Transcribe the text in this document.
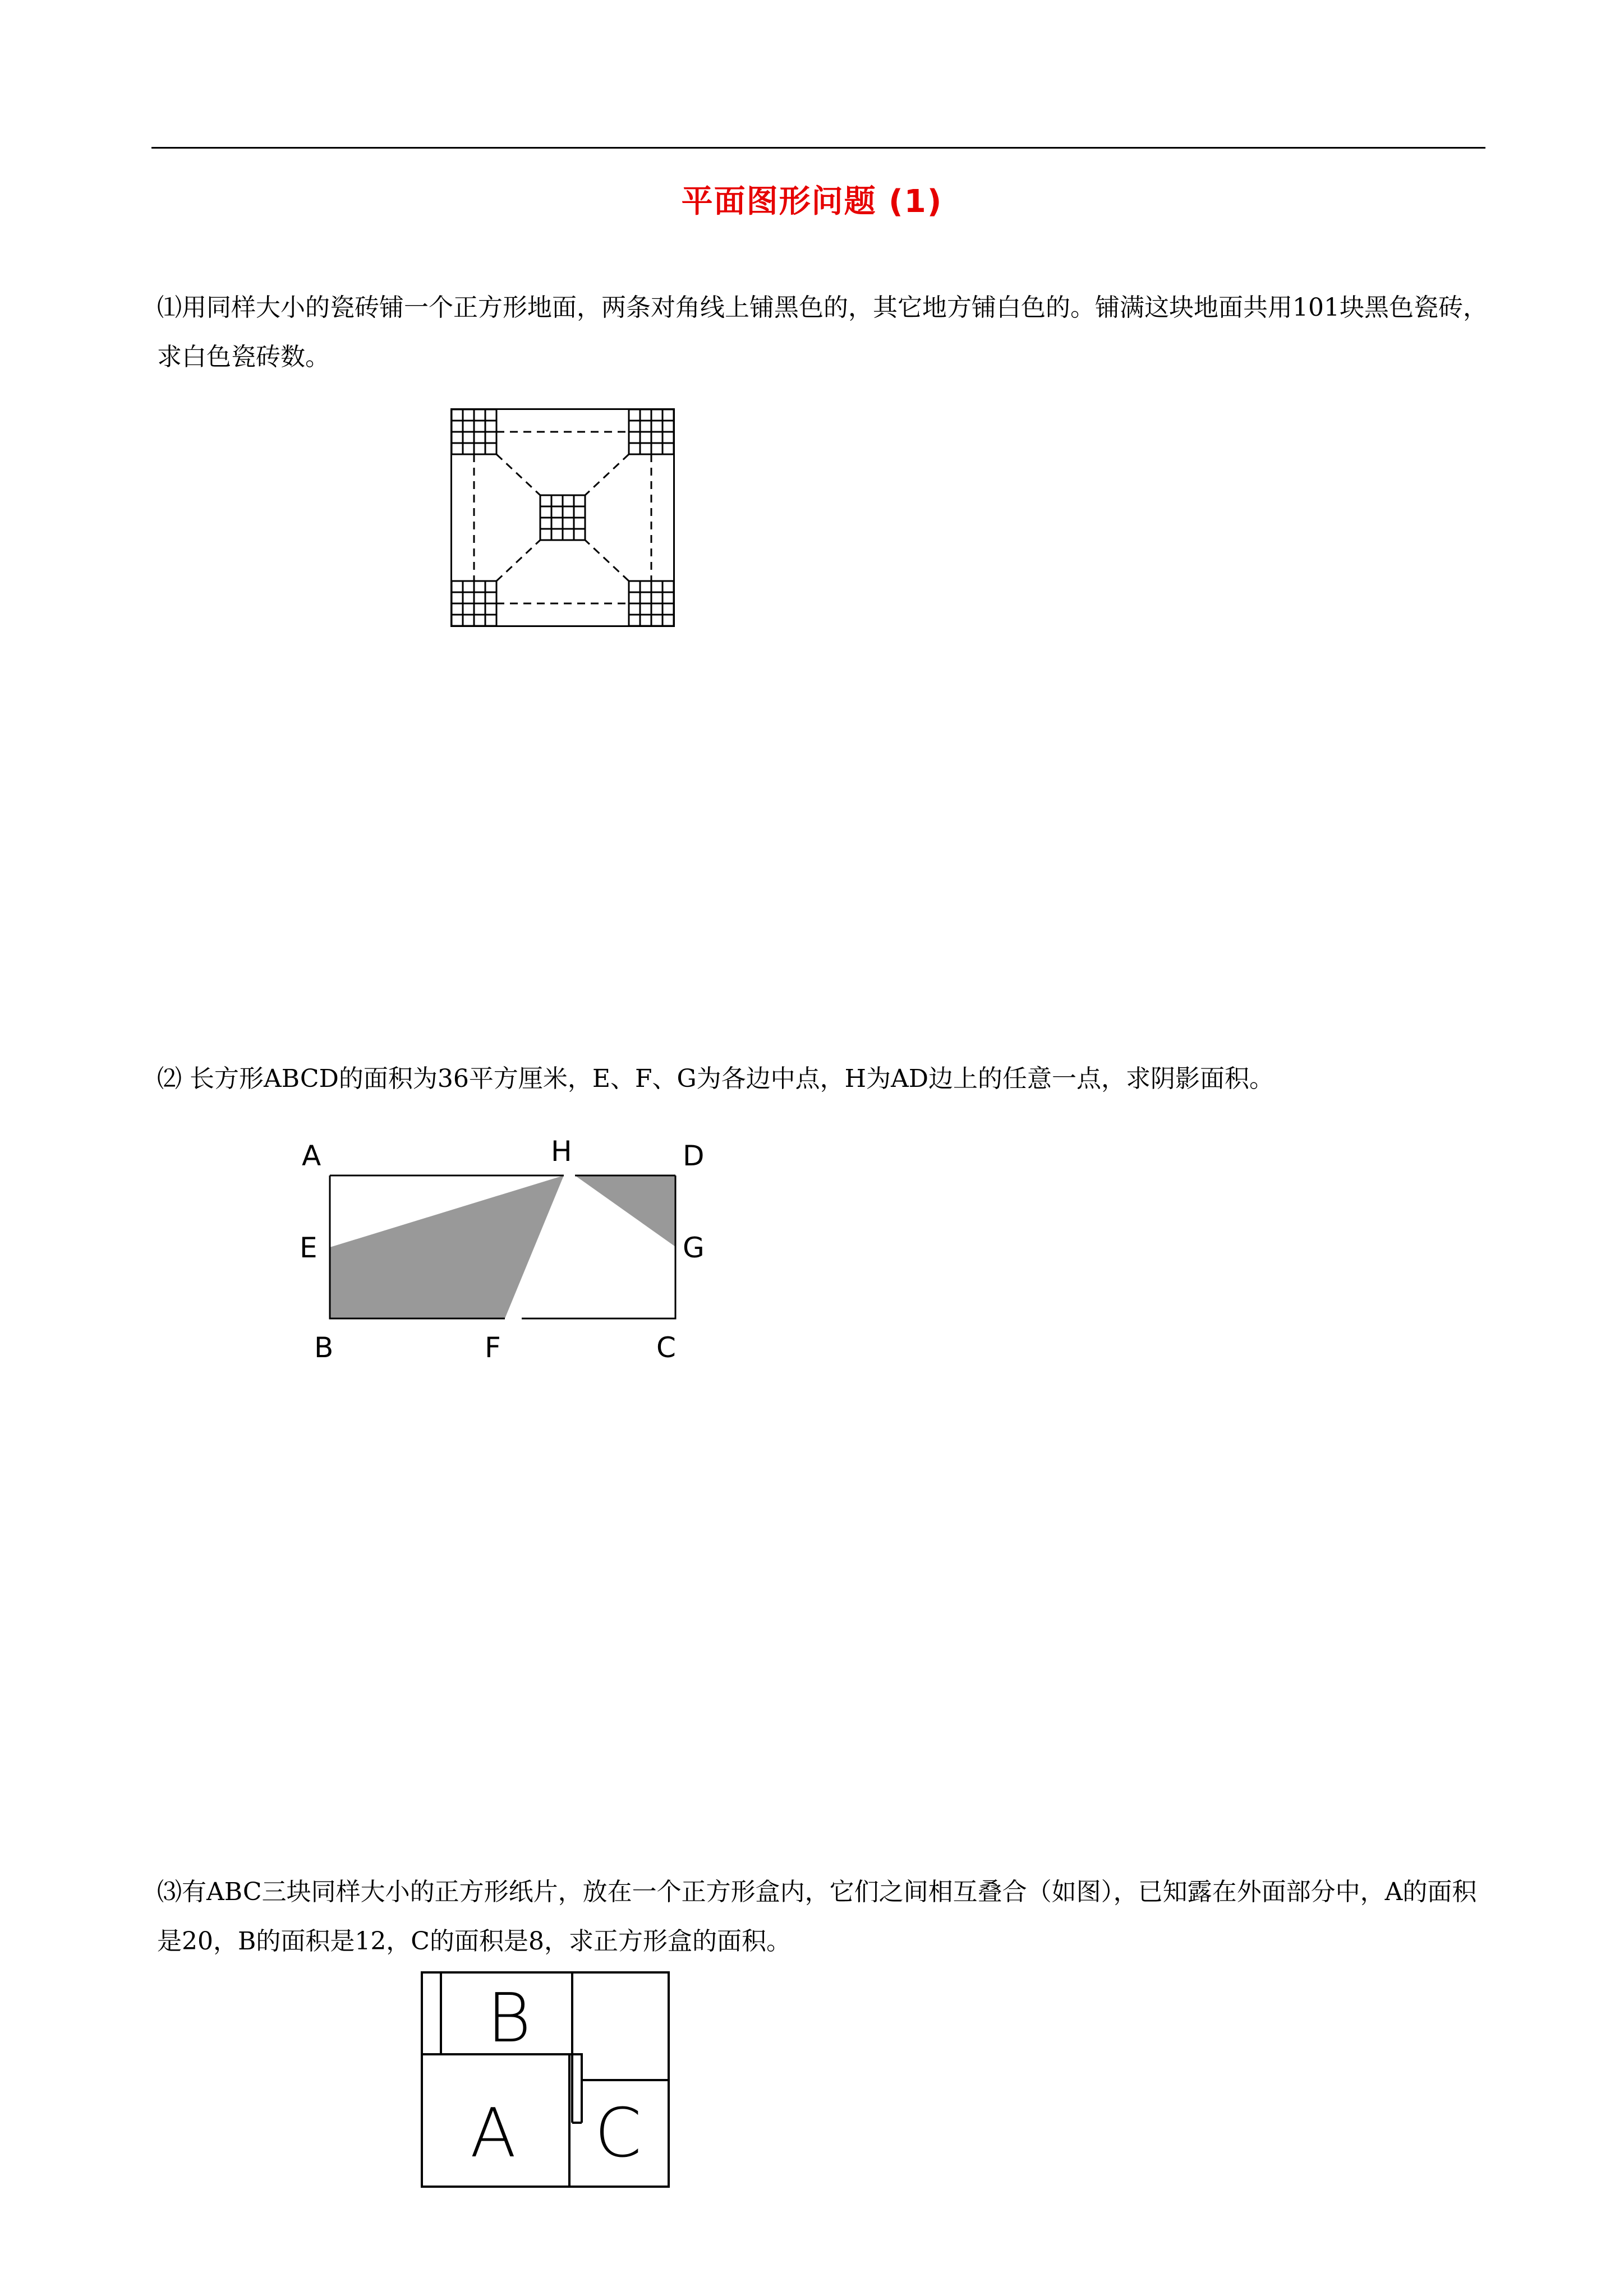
平面图形问题 (1)
⑴用同样大小的瓷砖铺一个正方形地面，两条对角线上铺黑色的，其它地方铺白色的。铺满这块地面共用101块黑色瓷砖，求白色瓷砖数。
⑵ 长方形ABCD的面积为36平方厘米，E、F、G为各边中点，H为AD边上的任意一点，求阴影面积。
A	H	D
E	G
B	F	C
⑶有ABC三块同样大小的正方形纸片，放在一个正方形盒内，它们之间相互叠合（如图），已知露在外面部分中，A的面积是20，B的面积是12，C的面积是8，求正方形盒的面积。
B
A C
